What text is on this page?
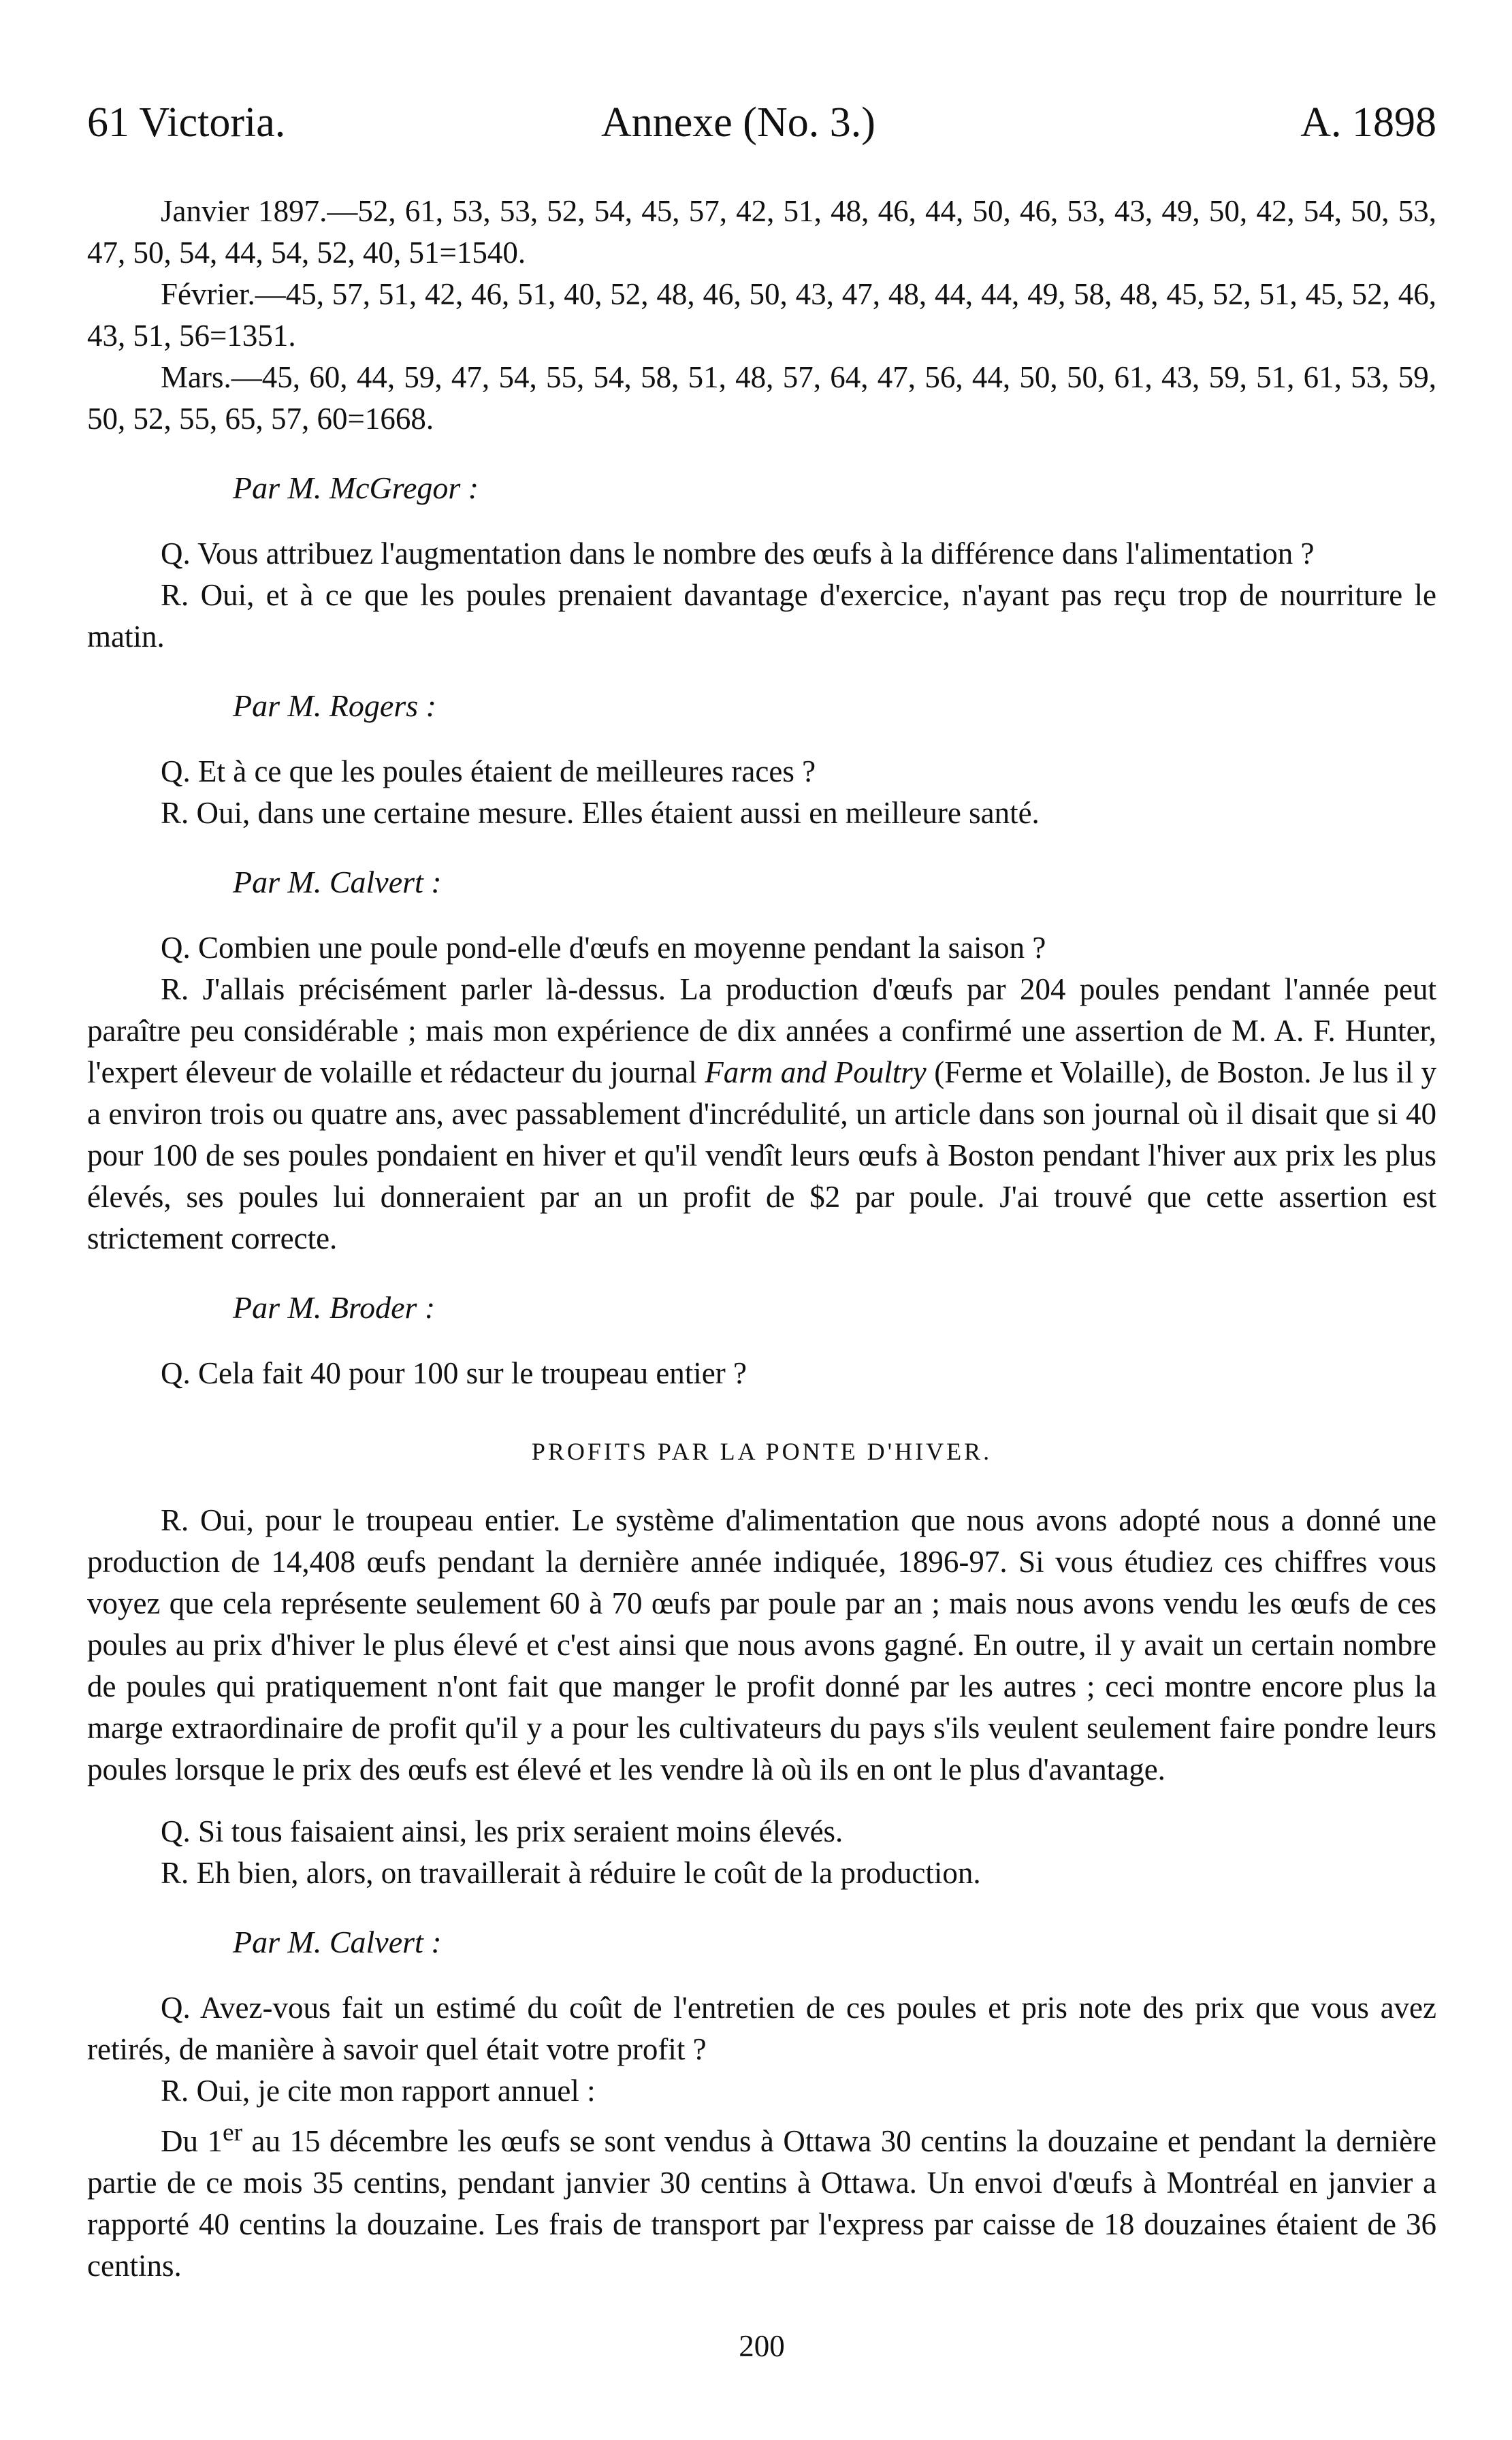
61 Victoria.	Annexe (No. 3.)	A. 1898

Janvier 1897.—52, 61, 53, 53, 52, 54, 45, 57, 42, 51, 48, 46, 44, 50, 46, 53, 43, 49, 50, 42, 54, 50, 53, 47, 50, 54, 44, 54, 52, 40, 51=1540.

Février.—45, 57, 51, 42, 46, 51, 40, 52, 48, 46, 50, 43, 47, 48, 44, 44, 49, 58, 48, 45, 52, 51, 45, 52, 46, 43, 51, 56=1351.

Mars.—45, 60, 44, 59, 47, 54, 55, 54, 58, 51, 48, 57, 64, 47, 56, 44, 50, 50, 61, 43, 59, 51, 61, 53, 59, 50, 52, 55, 65, 57, 60=1668.

Par M. McGregor :

Q. Vous attribuez l'augmentation dans le nombre des œufs à la différence dans l'alimentation ?

R. Oui, et à ce que les poules prenaient davantage d'exercice, n'ayant pas reçu trop de nourriture le matin.

Par M. Rogers :

Q. Et à ce que les poules étaient de meilleures races ?

R. Oui, dans une certaine mesure. Elles étaient aussi en meilleure santé.

Par M. Calvert :

Q. Combien une poule pond-elle d'œufs en moyenne pendant la saison ?

R. J'allais précisément parler là-dessus. La production d'œufs par 204 poules pendant l'année peut paraître peu considérable ; mais mon expérience de dix années a confirmé une assertion de M. A. F. Hunter, l'expert éleveur de volaille et rédacteur du journal Farm and Poultry (Ferme et Volaille), de Boston. Je lus il y a environ trois ou quatre ans, avec passablement d'incrédulité, un article dans son journal où il disait que si 40 pour 100 de ses poules pondaient en hiver et qu'il vendît leurs œufs à Boston pendant l'hiver aux prix les plus élevés, ses poules lui donneraient par an un profit de $2 par poule. J'ai trouvé que cette assertion est strictement correcte.

Par M. Broder :

Q. Cela fait 40 pour 100 sur le troupeau entier ?

PROFITS PAR LA PONTE D'HIVER.

R. Oui, pour le troupeau entier. Le système d'alimentation que nous avons adopté nous a donné une production de 14,408 œufs pendant la dernière année indiquée, 1896-97. Si vous étudiez ces chiffres vous voyez que cela représente seulement 60 à 70 œufs par poule par an ; mais nous avons vendu les œufs de ces poules au prix d'hiver le plus élevé et c'est ainsi que nous avons gagné. En outre, il y avait un certain nombre de poules qui pratiquement n'ont fait que manger le profit donné par les autres ; ceci montre encore plus la marge extraordinaire de profit qu'il y a pour les cultivateurs du pays s'ils veulent seulement faire pondre leurs poules lorsque le prix des œufs est élevé et les vendre là où ils en ont le plus d'avantage.

Q. Si tous faisaient ainsi, les prix seraient moins élevés.

R. Eh bien, alors, on travaillerait à réduire le coût de la production.

Par M. Calvert :

Q. Avez-vous fait un estimé du coût de l'entretien de ces poules et pris note des prix que vous avez retirés, de manière à savoir quel était votre profit ?

R. Oui, je cite mon rapport annuel :

Du 1er au 15 décembre les œufs se sont vendus à Ottawa 30 centins la douzaine et pendant la dernière partie de ce mois 35 centins, pendant janvier 30 centins à Ottawa. Un envoi d'œufs à Montréal en janvier a rapporté 40 centins la douzaine. Les frais de transport par l'express par caisse de 18 douzaines étaient de 36 centins.

200
